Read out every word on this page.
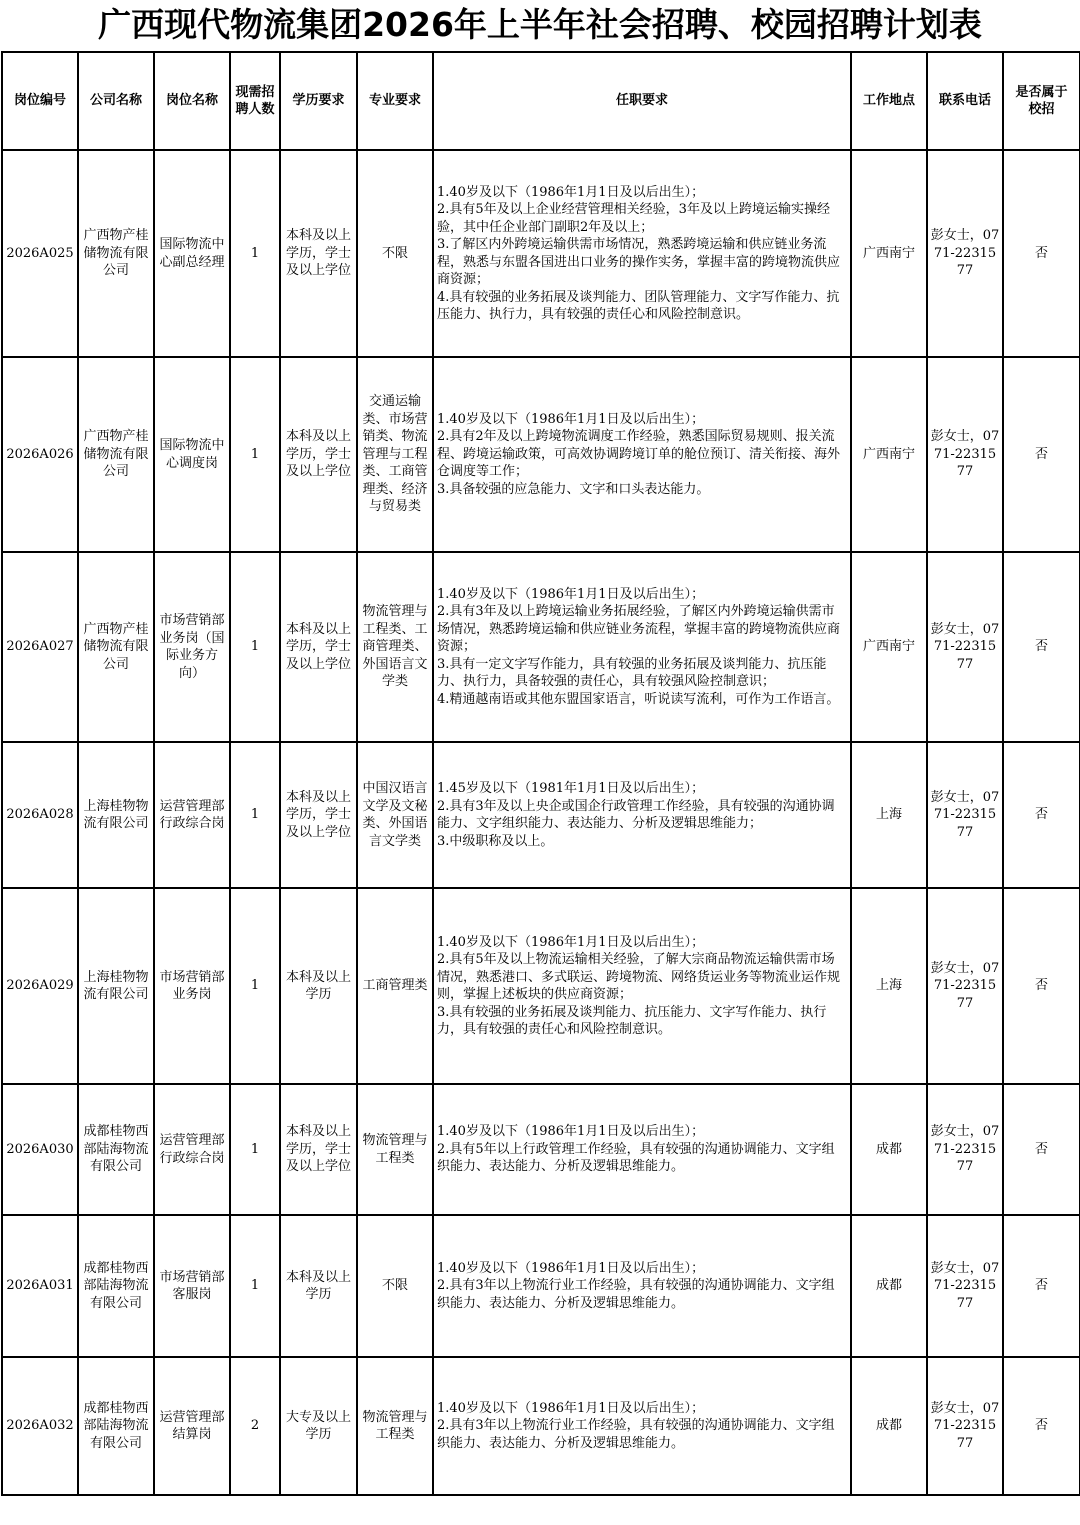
广西现代物流集团2026年上半年社会招聘、校园招聘计划表
岗位编号	公司名称	岗位名称	现需招
聘人数	学历要求	专业要求	任职要求	工作地点	联系电话	是否属于
校招
2026A025	广西物产桂储物流有限公司	国际物流中心副总经理	1	本科及以上学历，学士及以上学位	不限	1.40岁及以下（1986年1月1日及以后出生）；
2.具有5年及以上企业经营管理相关经验，3年及以上跨境运输实操经验，其中任企业部门副职2年及以上；
3.了解区内外跨境运输供需市场情况，熟悉跨境运输和供应链业务流程，熟悉与东盟各国进出口业务的操作实务，掌握丰富的跨境物流供应商资源；
4.具有较强的业务拓展及谈判能力、团队管理能力、文字写作能力、抗压能力、执行力，具有较强的责任心和风险控制意识。	广西南宁	彭女士，0771-2231577	否
2026A026	广西物产桂储物流有限公司	国际物流中心调度岗	1	本科及以上学历，学士及以上学位	交通运输类、市场营销类、物流管理与工程类、工商管理类、经济与贸易类	1.40岁及以下（1986年1月1日及以后出生）；
2.具有2年及以上跨境物流调度工作经验，熟悉国际贸易规则、报关流程、跨境运输政策，可高效协调跨境订单的舱位预订、清关衔接、海外仓调度等工作；
3.具备较强的应急能力、文字和口头表达能力。	广西南宁	彭女士，0771-2231577	否
2026A027	广西物产桂储物流有限公司	市场营销部业务岗（国际业务方向）	1	本科及以上学历，学士及以上学位	物流管理与工程类、工商管理类、外国语言文学类	1.40岁及以下（1986年1月1日及以后出生）；
2.具有3年及以上跨境运输业务拓展经验，了解区内外跨境运输供需市场情况，熟悉跨境运输和供应链业务流程，掌握丰富的跨境物流供应商资源；
3.具有一定文字写作能力，具有较强的业务拓展及谈判能力、抗压能力、执行力，具备较强的责任心，具有较强风险控制意识；
4.精通越南语或其他东盟国家语言，听说读写流利，可作为工作语言。	广西南宁	彭女士，0771-2231577	否
2026A028	上海桂物物流有限公司	运营管理部行政综合岗	1	本科及以上学历，学士及以上学位	中国汉语言文学及文秘类、外国语言文学类	1.45岁及以下（1981年1月1日及以后出生）；
2.具有3年及以上央企或国企行政管理工作经验，具有较强的沟通协调能力、文字组织能力、表达能力、分析及逻辑思维能力；
3.中级职称及以上。	上海	彭女士，0771-2231577	否
2026A029	上海桂物物流有限公司	市场营销部业务岗	1	本科及以上学历	工商管理类	1.40岁及以下（1986年1月1日及以后出生）；
2.具有5年及以上物流运输相关经验，了解大宗商品物流运输供需市场情况，熟悉港口、多式联运、跨境物流、网络货运业务等物流业运作规则，掌握上述板块的供应商资源；
3.具有较强的业务拓展及谈判能力、抗压能力、文字写作能力、执行力，具有较强的责任心和风险控制意识。	上海	彭女士，0771-2231577	否
2026A030	成都桂物西部陆海物流有限公司	运营管理部行政综合岗	1	本科及以上学历，学士及以上学位	物流管理与工程类	1.40岁及以下（1986年1月1日及以后出生）；
2.具有5年以上行政管理工作经验，具有较强的沟通协调能力、文字组织能力、表达能力、分析及逻辑思维能力。	成都	彭女士，0771-2231577	否
2026A031	成都桂物西部陆海物流有限公司	市场营销部客服岗	1	本科及以上学历	不限	1.40岁及以下（1986年1月1日及以后出生）；
2.具有3年以上物流行业工作经验，具有较强的沟通协调能力、文字组织能力、表达能力、分析及逻辑思维能力。	成都	彭女士，0771-2231577	否
2026A032	成都桂物西部陆海物流有限公司	运营管理部结算岗	2	大专及以上学历	物流管理与工程类	1.40岁及以下（1986年1月1日及以后出生）；
2.具有3年以上物流行业工作经验，具有较强的沟通协调能力、文字组织能力、表达能力、分析及逻辑思维能力。	成都	彭女士，0771-2231577	否
